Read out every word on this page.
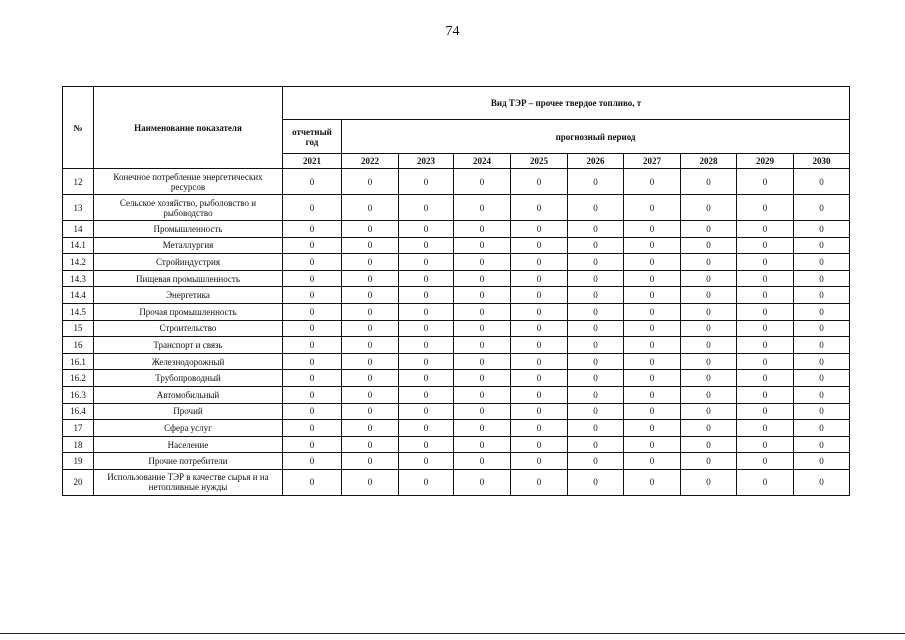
74
№	Наименование показателя	Вид ТЭР – прочее твердое топливо, т									
		отчетный год	прогнозный период								
		2021	2022	2023	2024	2025	2026	2027	2028	2029	2030
12	Конечное потребление энергетических ресурсов	0	0	0	0	0	0	0	0	0	0
13	Сельское хозяйство, рыболовство и рыбоводство	0	0	0	0	0	0	0	0	0	0
14	Промышленность	0	0	0	0	0	0	0	0	0	0
14.1	Металлургия	0	0	0	0	0	0	0	0	0	0
14.2	Стройиндустрия	0	0	0	0	0	0	0	0	0	0
14.3	Пищевая промышленность	0	0	0	0	0	0	0	0	0	0
14.4	Энергетика	0	0	0	0	0	0	0	0	0	0
14.5	Прочая промышленность	0	0	0	0	0	0	0	0	0	0
15	Строительство	0	0	0	0	0	0	0	0	0	0
16	Транспорт и связь	0	0	0	0	0	0	0	0	0	0
16.1	Железнодорожный	0	0	0	0	0	0	0	0	0	0
16.2	Трубопроводный	0	0	0	0	0	0	0	0	0	0
16.3	Автомобильный	0	0	0	0	0	0	0	0	0	0
16.4	Прочий	0	0	0	0	0	0	0	0	0	0
17	Сфера услуг	0	0	0	0	0	0	0	0	0	0
18	Население	0	0	0	0	0	0	0	0	0	0
19	Прочие потребители	0	0	0	0	0	0	0	0	0	0
20	Использование ТЭР в качестве сырья и на нетопливные нужды	0	0	0	0	0	0	0	0	0	0
